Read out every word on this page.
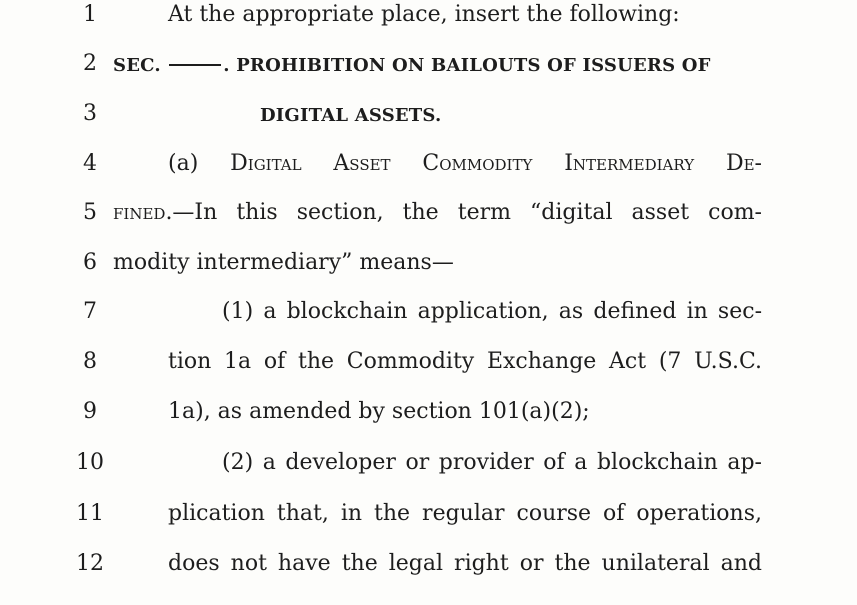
1	At the appropriate place, insert the following:
2 SEC.	. PROHIBITION ON BAILOUTS OF ISSUERS OF
3	DIGITAL ASSETS.
4	(a) Digital Asset Commodity Intermediary De-
5 fined.—In this section, the term “digital asset com-
6 modity intermediary” means—
7	(1) a blockchain application, as defined in sec-
8	tion 1a of the Commodity Exchange Act (7 U.S.C.
9	1a), as amended by section 101(a)(2);
10	(2) a developer or provider of a blockchain ap-
11	plication that, in the regular course of operations,
12	does not have the legal right or the unilateral and
